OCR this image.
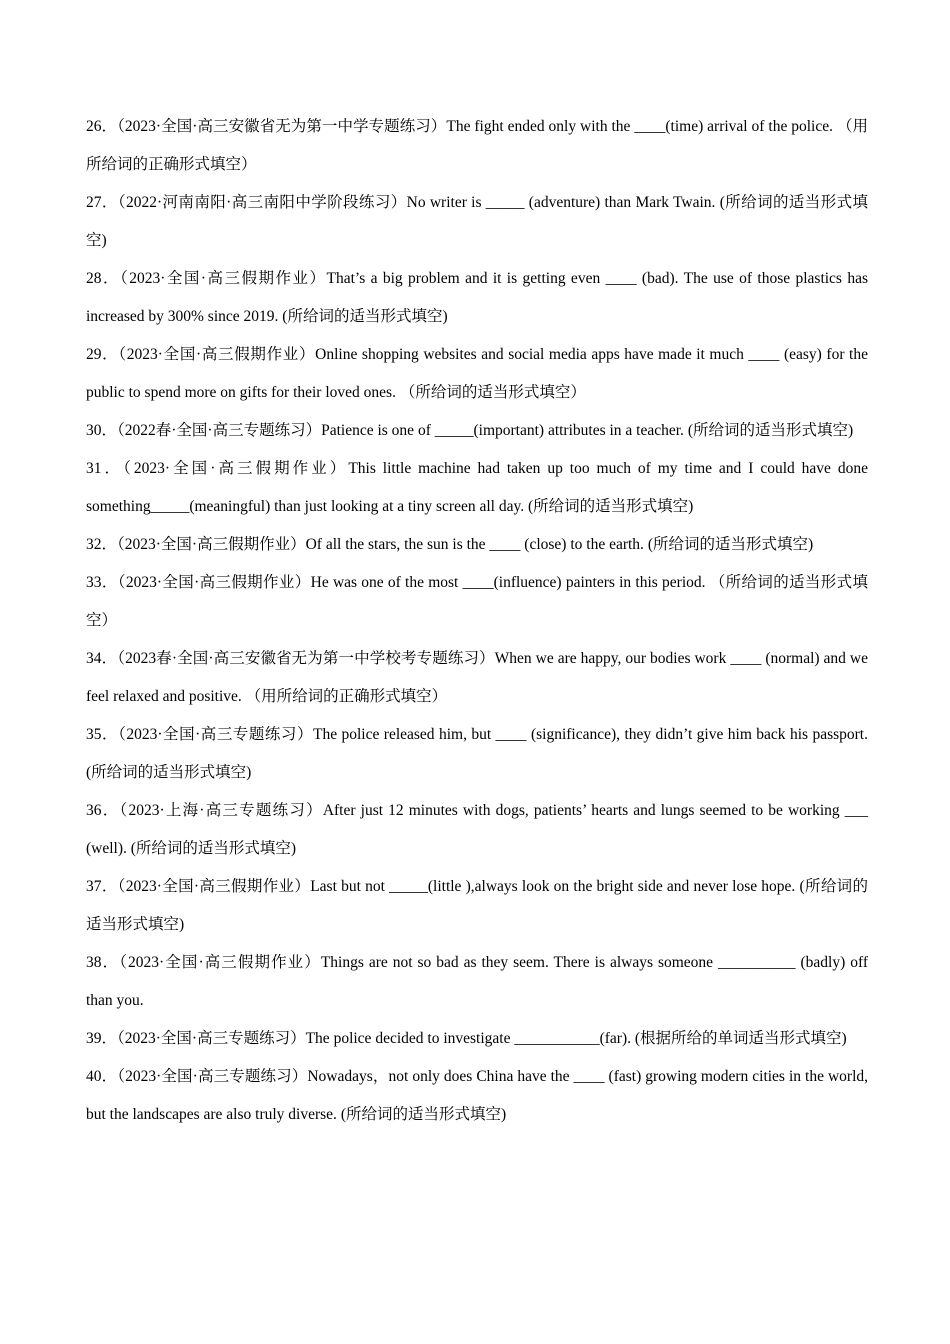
26．（2023·全国·高三安徽省无为第一中学专题练习）The fight ended only with the ____(time) arrival of the police. （用所给词的正确形式填空）

27．（2022·河南南阳·高三南阳中学阶段练习）No writer is _____ (adventure) than Mark Twain. (所给词的适当形式填空)

28．（2023·全国·高三假期作业）That’s a big problem and it is getting even ____ (bad). The use of those plastics has increased by 300% since 2019. (所给词的适当形式填空)

29．（2023·全国·高三假期作业）Online shopping websites and social media apps have made it much ____ (easy) for the public to spend more on gifts for their loved ones. （所给词的适当形式填空）

30．（2022春·全国·高三专题练习）Patience is one of _____(important) attributes in a teacher. (所给词的适当形式填空)

31．（2023·全国·高三假期作业）This little machine had taken up too much of my time and I could have done something_____(meaningful) than just looking at a tiny screen all day. (所给词的适当形式填空)

32．（2023·全国·高三假期作业）Of all the stars, the sun is the ____ (close) to the earth. (所给词的适当形式填空)

33．（2023·全国·高三假期作业）He was one of the most ____(influence) painters in this period. （所给词的适当形式填空）

34．（2023春·全国·高三安徽省无为第一中学校考专题练习）When we are happy, our bodies work ____ (normal) and we feel relaxed and positive. （用所给词的正确形式填空）

35．（2023·全国·高三专题练习）The police released him, but ____ (significance), they didn’t give him back his passport. (所给词的适当形式填空)

36．（2023·上海·高三专题练习）After just 12 minutes with dogs, patients’ hearts and lungs seemed to be working ___ (well). (所给词的适当形式填空)

37．（2023·全国·高三假期作业）Last but not _____(little ),always look on the bright side and never lose hope. (所给词的适当形式填空)

38．（2023·全国·高三假期作业）Things are not so bad as they seem. There is always someone __________ (badly) off than you.

39．（2023·全国·高三专题练习）The police decided to investigate ___________(far). (根据所给的单词适当形式填空)

40．（2023·全国·高三专题练习）Nowadays，not only does China have the ____ (fast) growing modern cities in the world, but the landscapes are also truly diverse. (所给词的适当形式填空)
